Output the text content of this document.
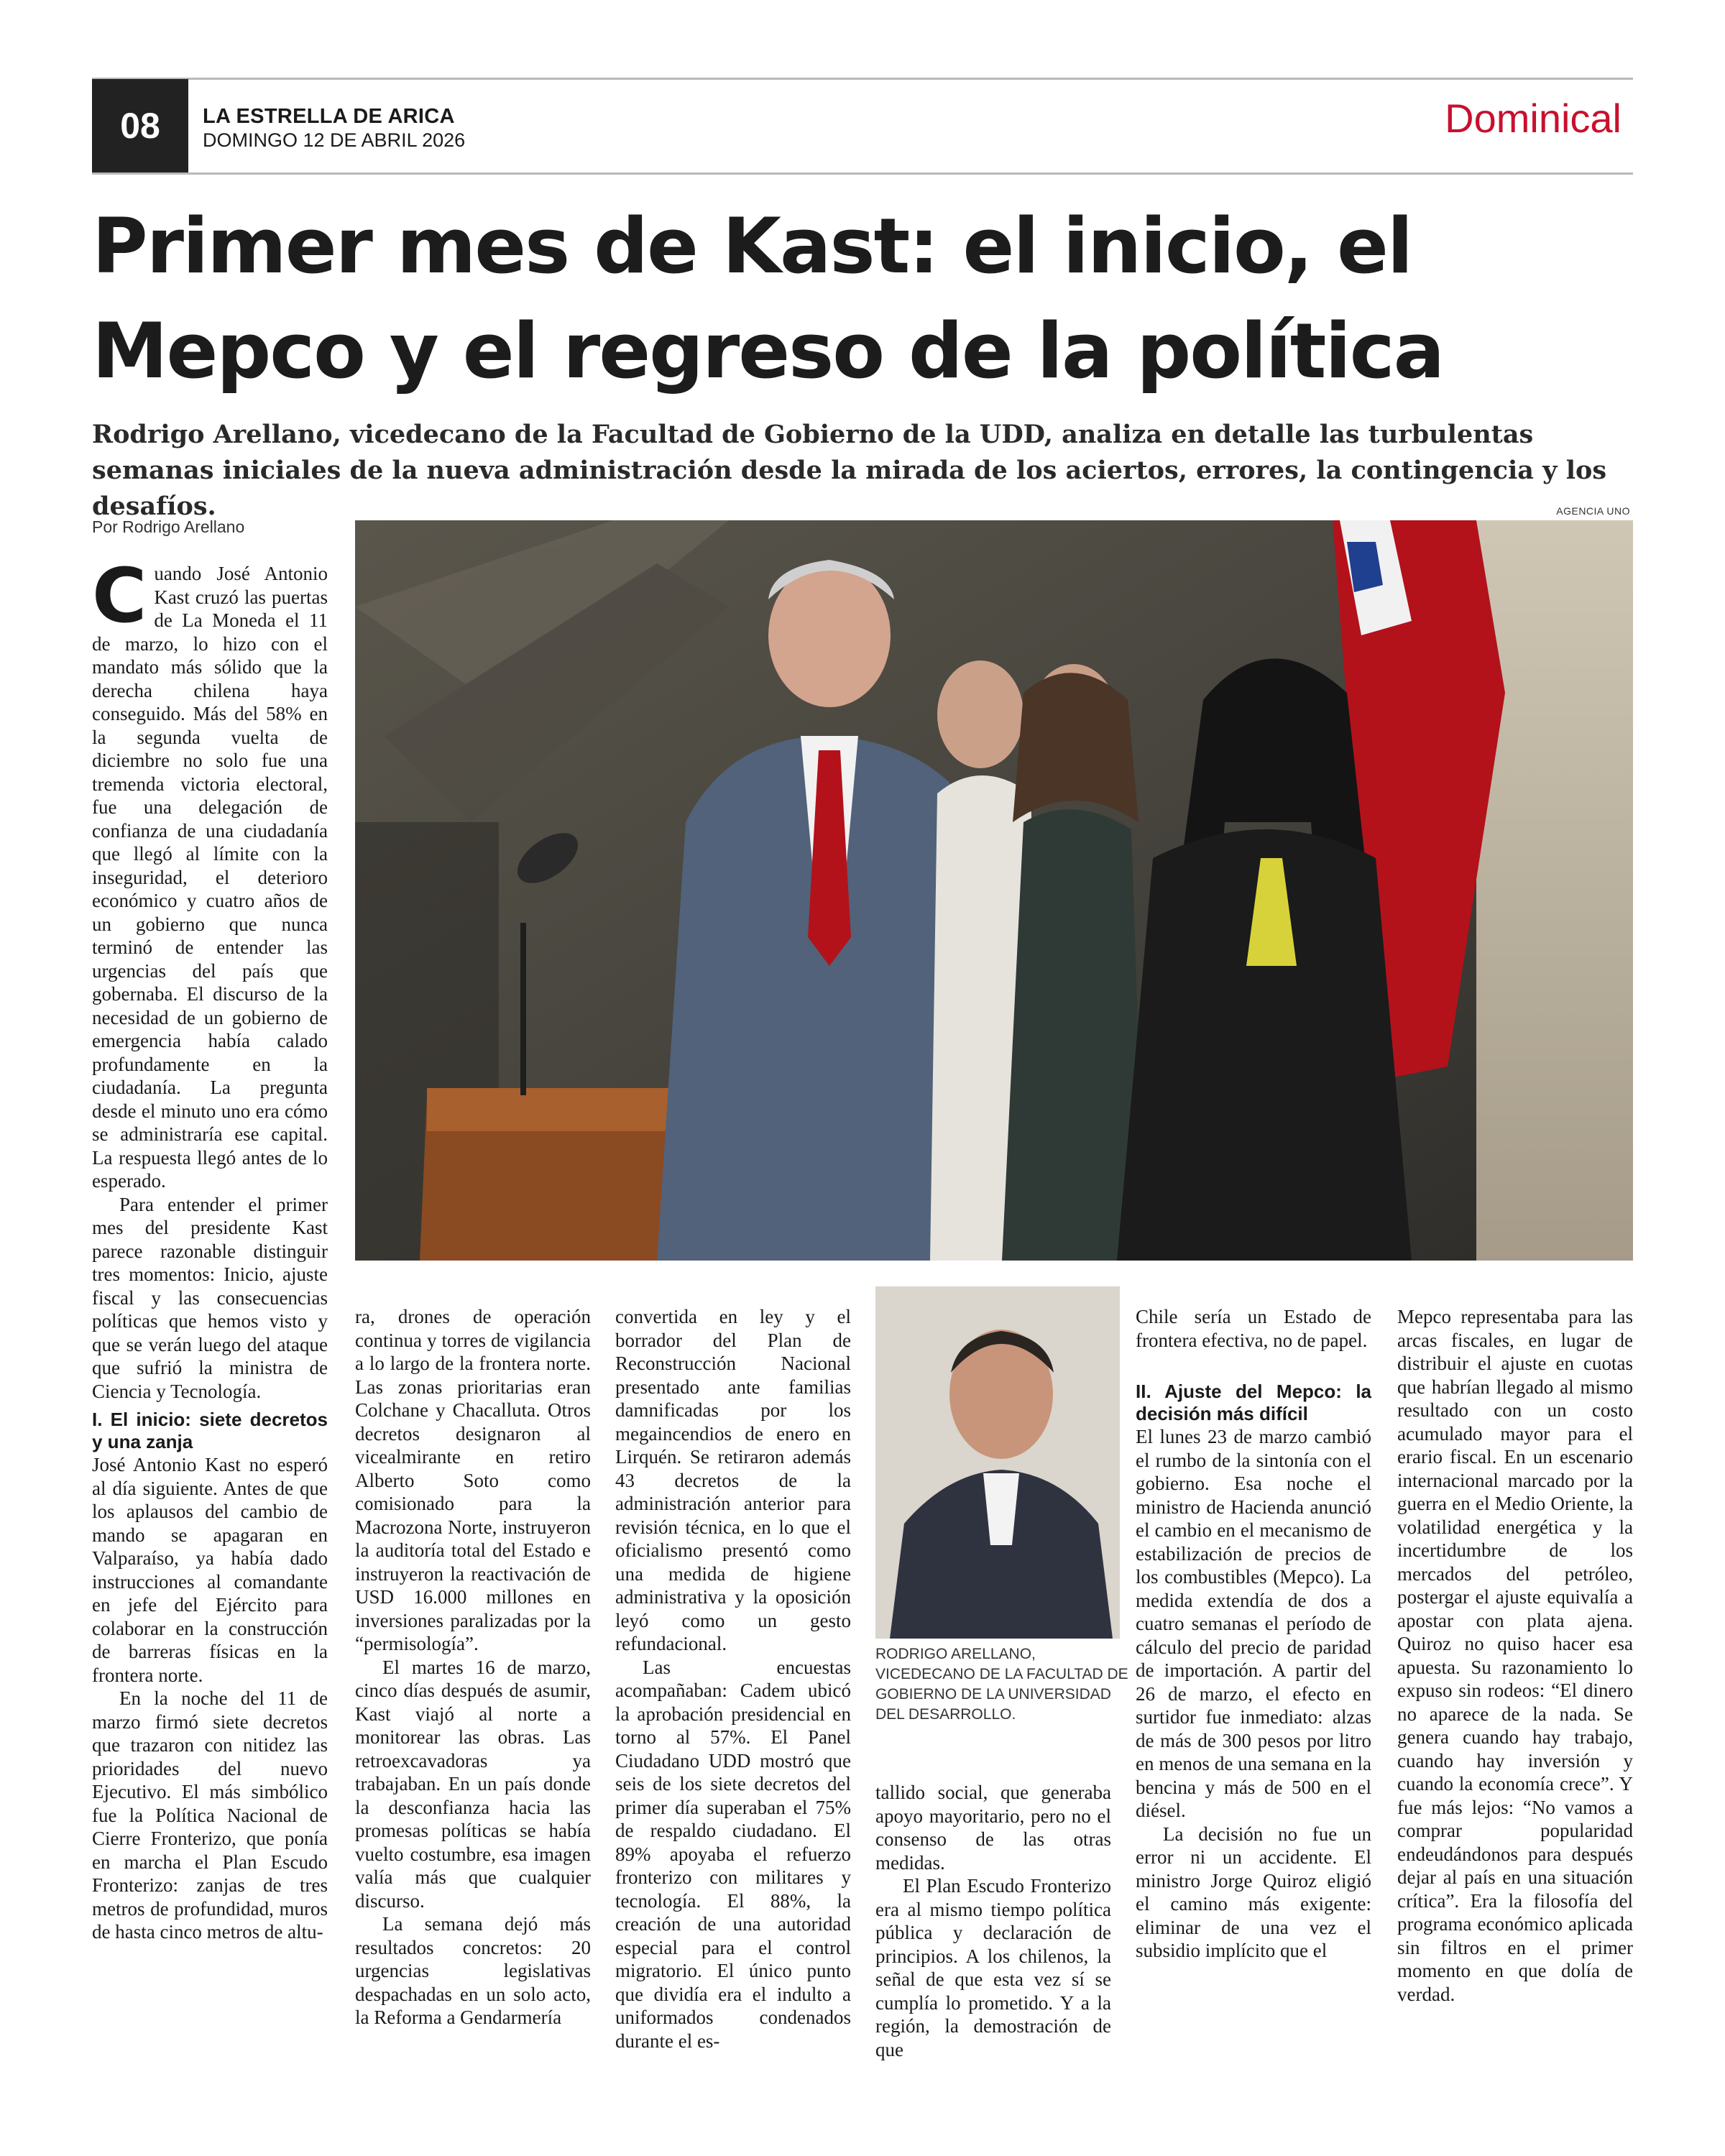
08	LA ESTRELLA DE ARICA
DOMINGO 12 DE ABRIL 2026	Dominical
Primer mes de Kast: el inicio, el Mepco y el regreso de la política
Rodrigo Arellano, vicedecano de la Facultad de Gobierno de la UDD, analiza en detalle las turbulentas semanas iniciales de la nueva administración desde la mirada de los aciertos, errores, la contingencia y los desafíos.
Por Rodrigo Arellano
AGENCIA UNO

Cuando José Antonio Kast cruzó las puertas de La Moneda el 11 de marzo, lo hizo con el mandato más sólido que la derecha chilena haya conseguido. Más del 58% en la segunda vuelta de diciembre no solo fue una tremenda victoria electoral, fue una delegación de confianza de una ciudadanía que llegó al límite con la inseguridad, el deterioro económico y cuatro años de un gobierno que nunca terminó de entender las urgencias del país que gobernaba. El discurso de la necesidad de un gobierno de emergencia había calado profundamente en la ciudadanía. La pregunta desde el minuto uno era cómo se administraría ese capital. La respuesta llegó antes de lo esperado.

Para entender el primer mes del presidente Kast parece razonable distinguir tres momentos: Inicio, ajuste fiscal y las consecuencias políticas que hemos visto y que se verán luego del ataque que sufrió la ministra de Ciencia y Tecnología.

I. El inicio: siete decretos y una zanja

José Antonio Kast no esperó al día siguiente. Antes de que los aplausos del cambio de mando se apagaran en Valparaíso, ya había dado instrucciones al comandante en jefe del Ejército para colaborar en la construcción de barreras físicas en la frontera norte.

En la noche del 11 de marzo firmó siete decretos que trazaron con nitidez las prioridades del nuevo Ejecutivo. El más simbólico fue la Política Nacional de Cierre Fronterizo, que ponía en marcha el Plan Escudo Fronterizo: zanjas de tres metros de profundidad, muros de hasta cinco metros de altu-

ra, drones de operación continua y torres de vigilancia a lo largo de la frontera norte. Las zonas prioritarias eran Colchane y Chacalluta. Otros decretos designaron al vicealmirante en retiro Alberto Soto como comisionado para la Macrozona Norte, instruyeron la auditoría total del Estado e instruyeron la reactivación de USD 16.000 millones en inversiones paralizadas por la “permisología”.

El martes 16 de marzo, cinco días después de asumir, Kast viajó al norte a monitorear las obras. Las retroexcavadoras ya trabajaban. En un país donde la desconfianza hacia las promesas políticas se había vuelto costumbre, esa imagen valía más que cualquier discurso.

La semana dejó más resultados concretos: 20 urgencias legislativas despachadas en un solo acto, la Reforma a Gendarmería

convertida en ley y el borrador del Plan de Reconstrucción Nacional presentado ante familias damnificadas por los megaincendios de enero en Lirquén. Se retiraron además 43 decretos de la administración anterior para revisión técnica, en lo que el oficialismo presentó como una medida de higiene administrativa y la oposición leyó como un gesto refundacional.

Las encuestas acompañaban: Cadem ubicó la aprobación presidencial en torno al 57%. El Panel Ciudadano UDD mostró que seis de los siete decretos del primer día superaban el 75% de respaldo ciudadano. El 89% apoyaba el refuerzo fronterizo con militares y tecnología. El 88%, la creación de una autoridad especial para el control migratorio. El único punto que dividía era el indulto a uniformados condenados durante el es-

RODRIGO ARELLANO, VICEDECANO DE LA FACULTAD DE GOBIERNO DE LA UNIVERSIDAD DEL DESARROLLO.

tallido social, que generaba apoyo mayoritario, pero no el consenso de las otras medidas.

El Plan Escudo Fronterizo era al mismo tiempo política pública y declaración de principios. A los chilenos, la señal de que esta vez sí se cumplía lo prometido. Y a la región, la demostración de que

Chile sería un Estado de frontera efectiva, no de papel.

II. Ajuste del Mepco: la decisión más difícil

El lunes 23 de marzo cambió el rumbo de la sintonía con el gobierno. Esa noche el ministro de Hacienda anunció el cambio en el mecanismo de estabilización de precios de los combustibles (Mepco). La medida extendía de dos a cuatro semanas el período de cálculo del precio de paridad de importación. A partir del 26 de marzo, el efecto en surtidor fue inmediato: alzas de más de 300 pesos por litro en menos de una semana en la bencina y más de 500 en el diésel.

La decisión no fue un error ni un accidente. El ministro Jorge Quiroz eligió el camino más exigente: eliminar de una vez el subsidio implícito que el

Mepco representaba para las arcas fiscales, en lugar de distribuir el ajuste en cuotas que habrían llegado al mismo resultado con un costo acumulado mayor para el erario fiscal. En un escenario internacional marcado por la guerra en el Medio Oriente, la volatilidad energética y la incertidumbre de los mercados del petróleo, postergar el ajuste equivalía a apostar con plata ajena. Quiroz no quiso hacer esa apuesta. Su razonamiento lo expuso sin rodeos: “El dinero no aparece de la nada. Se genera cuando hay trabajo, cuando hay inversión y cuando la economía crece”. Y fue más lejos: “No vamos a comprar popularidad endeudándonos para después dejar al país en una situación crítica”. Era la filosofía del programa económico aplicada sin filtros en el primer momento en que dolía de verdad.
